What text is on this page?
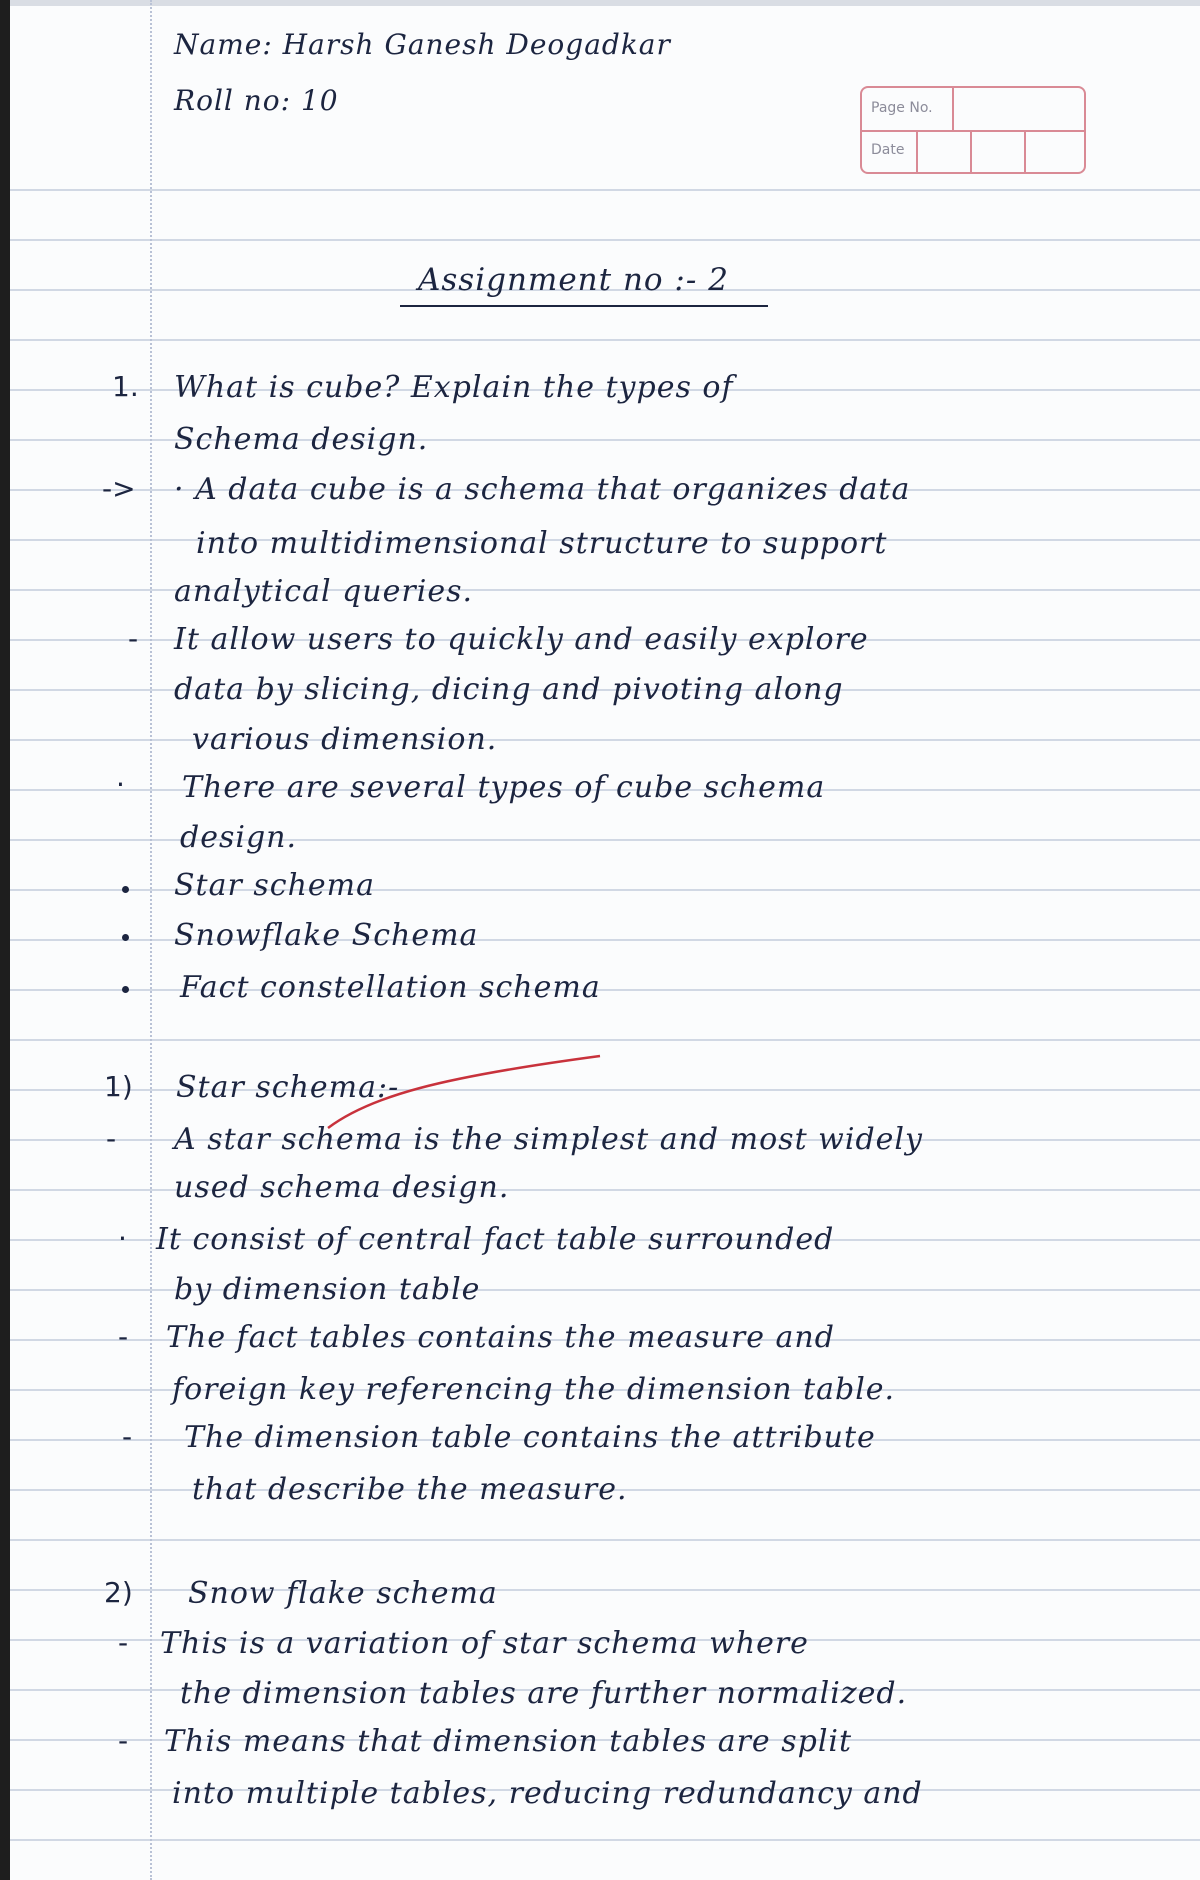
Name: Harsh Ganesh Deogadkar
Roll no: 10	Page No.
Date
Assignment no :- 2
1. What is cube? Explain the types of
Schema design.
-> · A data cube is a schema that organizes data
into multidimensional structure to support
analytical queries.
- It allow users to quickly and easily explore
data by slicing, dicing and pivoting along
various dimension.
· There are several types of cube schema
design.
Star schema
Snowflake Schema
Fact constellation schema
1) Star schema:-
- A star schema is the simplest and most widely
used schema design.
· It consist of central fact table surrounded
by dimension table
- The fact tables contains the measure and
foreign key referencing the dimension table.
- The dimension table contains the attribute
that describe the measure.
2) Snow flake schema
- This is a variation of star schema where
the dimension tables are further normalized.
- This means that dimension tables are split
into multiple tables, reducing redundancy and
